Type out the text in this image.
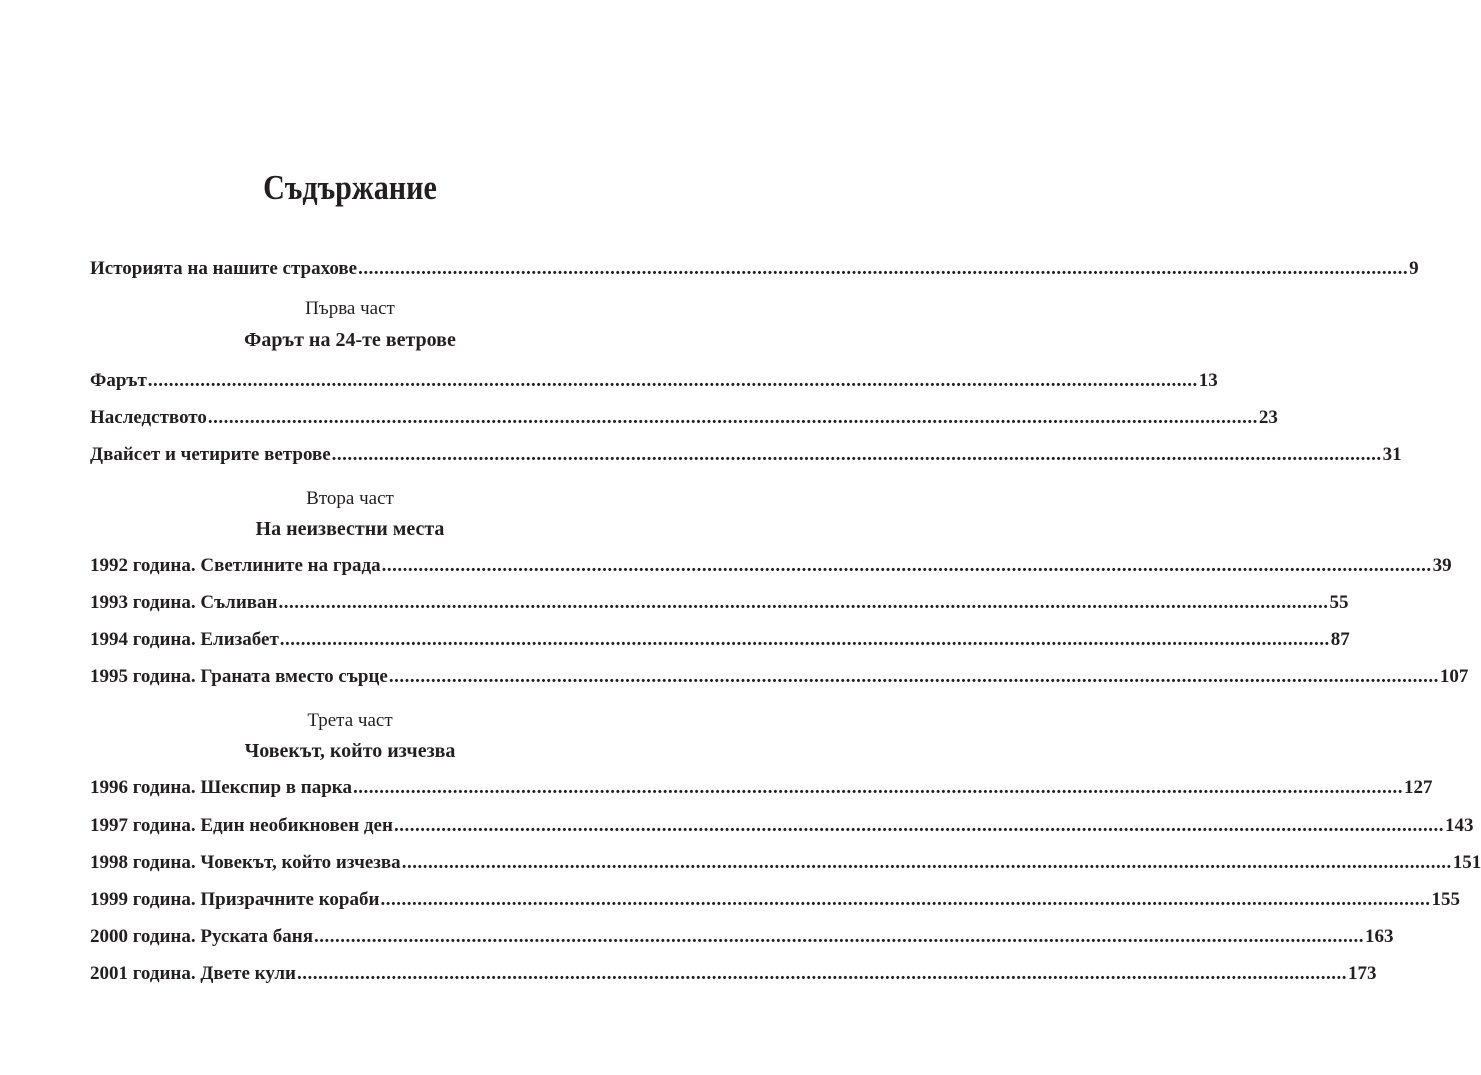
Съдържание
Историята на нашите страхове ........................................................................................................................................................................................................ 9
Първа част
Фарът на 24-те ветрове
Фарът ........................................................................................................................................................................................................ 13
Наследството ........................................................................................................................................................................................................ 23
Двайсет и четирите ветрове ........................................................................................................................................................................................................ 31
Втора част
На неизвестни места
1992 година. Светлините на града ........................................................................................................................................................................................................ 39
1993 година. Съливан ........................................................................................................................................................................................................ 55
1994 година. Елизабет ........................................................................................................................................................................................................ 87
1995 година. Граната вместо сърце ........................................................................................................................................................................................................ 107
Трета част
Човекът, който изчезва
1996 година. Шекспир в парка ........................................................................................................................................................................................................ 127
1997 година. Един необикновен ден ........................................................................................................................................................................................................ 143
1998 година. Човекът, който изчезва ........................................................................................................................................................................................................ 151
1999 година. Призрачните кораби ........................................................................................................................................................................................................ 155
2000 година. Руската баня ........................................................................................................................................................................................................ 163
2001 година. Двете кули ........................................................................................................................................................................................................ 173
